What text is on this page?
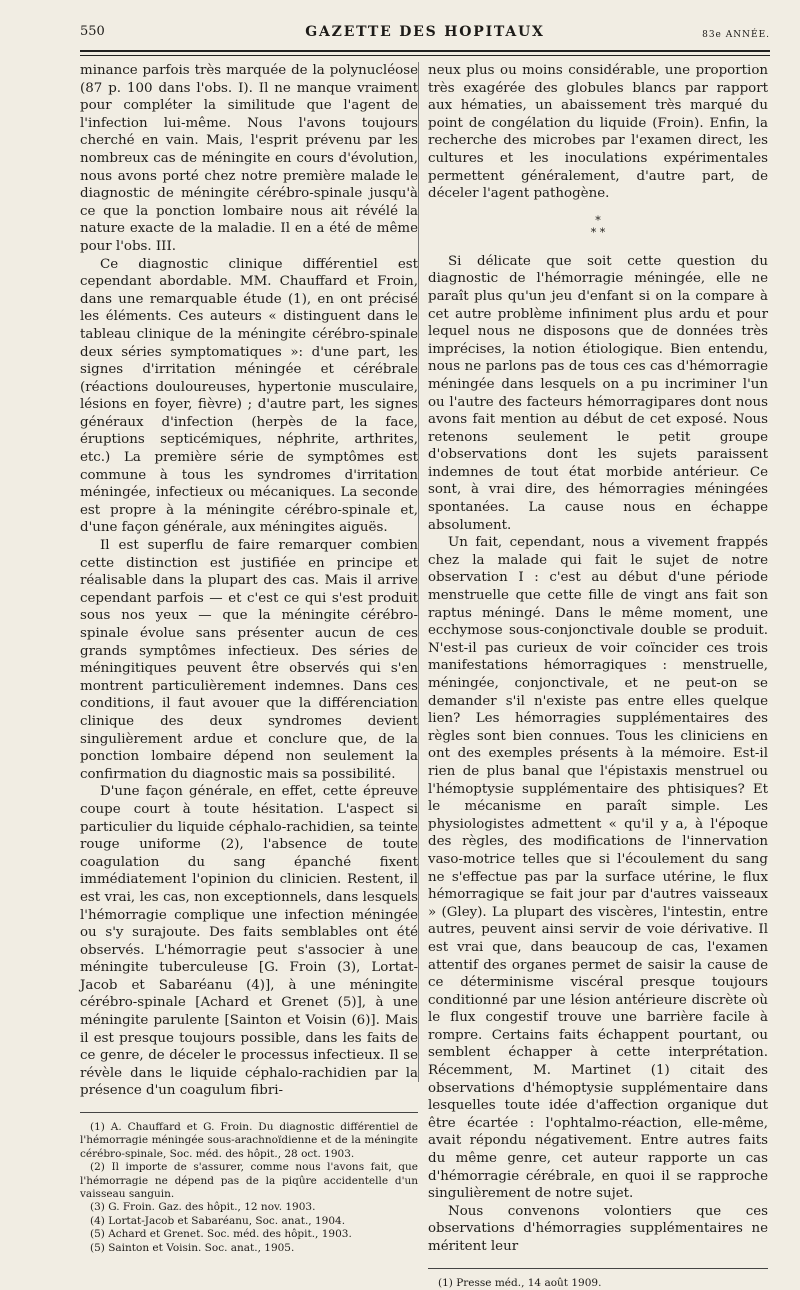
550	GAZETTE DES HOPITAUX	83e ANNÉE.

minance parfois très marquée de la polynucléose (87 p. 100 dans l'obs. I). Il ne manque vraiment pour compléter la similitude que l'agent de l'infection lui-même. Nous l'avons toujours cherché en vain. Mais, l'esprit prévenu par les nombreux cas de méningite en cours d'évolution, nous avons porté chez notre première malade le diagnostic de méningite cérébro-spinale jusqu'à ce que la ponction lombaire nous ait révélé la nature exacte de la maladie. Il en a été de même pour l'obs. III.

Ce diagnostic clinique différentiel est cependant abordable. MM. Chauffard et Froin, dans une remarquable étude (1), en ont précisé les éléments. Ces auteurs « distinguent dans le tableau clinique de la méningite cérébro-spinale deux séries symptomatiques »: d'une part, les signes d'irritation méningée et cérébrale (réactions douloureuses, hypertonie musculaire, lésions en foyer, fièvre) ; d'autre part, les signes généraux d'infection (herpès de la face, éruptions septicémiques, néphrite, arthrites, etc.) La première série de symptômes est commune à tous les syndromes d'irritation méningée, infectieux ou mécaniques. La seconde est propre à la méningite cérébro-spinale et, d'une façon générale, aux méningites aiguës.

Il est superflu de faire remarquer combien cette distinction est justifiée en principe et réalisable dans la plupart des cas. Mais il arrive cependant parfois — et c'est ce qui s'est produit sous nos yeux — que la méningite cérébro-spinale évolue sans présenter aucun de ces grands symptômes infectieux. Des séries de méningitiques peuvent être observés qui s'en montrent particulièrement indemnes. Dans ces conditions, il faut avouer que la différenciation clinique des deux syndromes devient singulièrement ardue et conclure que, de la ponction lombaire dépend non seulement la confirmation du diagnostic mais sa possibilité.

D'une façon générale, en effet, cette épreuve coupe court à toute hésitation. L'aspect si particulier du liquide céphalo-rachidien, sa teinte rouge uniforme (2), l'absence de toute coagulation du sang épanché fixent immédiatement l'opinion du clinicien. Restent, il est vrai, les cas, non exceptionnels, dans lesquels l'hémorragie complique une infection méningée ou s'y surajoute. Des faits semblables ont été observés. L'hémorragie peut s'associer à une méningite tuberculeuse [G. Froin (3), Lortat-Jacob et Sabaréanu (4)], à une méningite cérébro-spinale [Achard et Grenet (5)], à une méningite parulente [Sainton et Voisin (6)]. Mais il est presque toujours possible, dans les faits de ce genre, de déceler le processus infectieux. Il se révèle dans le liquide céphalo-rachidien par la présence d'un coagulum fibri-

(1) A. Chauffard et G. Froin. Du diagnostic différentiel de l'hémorragie méningée sous-arachnoïdienne et de la méningite cérébro-spinale, Soc. méd. des hôpit., 28 oct. 1903.
(2) Il importe de s'assurer, comme nous l'avons fait, que l'hémorragie ne dépend pas de la piqûre accidentelle d'un vaisseau sanguin.
(3) G. Froin. Gaz. des hôpit., 12 nov. 1903.
(4) Lortat-Jacob et Sabaréanu, Soc. anat., 1904.
(5) Achard et Grenet. Soc. méd. des hôpit., 1903.
(5) Sainton et Voisin. Soc. anat., 1905.

neux plus ou moins considérable, une proportion très exagérée des globules blancs par rapport aux hématies, un abaissement très marqué du point de congélation du liquide (Froin). Enfin, la recherche des microbes par l'examen direct, les cultures et les inoculations expérimentales permettent généralement, d'autre part, de déceler l'agent pathogène.

*
* *

Si délicate que soit cette question du diagnostic de l'hémorragie méningée, elle ne paraît plus qu'un jeu d'enfant si on la compare à cet autre problème infiniment plus ardu et pour lequel nous ne disposons que de données très imprécises, la notion étiologique. Bien entendu, nous ne parlons pas de tous ces cas d'hémorragie méningée dans lesquels on a pu incriminer l'un ou l'autre des facteurs hémorragipares dont nous avons fait mention au début de cet exposé. Nous retenons seulement le petit groupe d'observations dont les sujets paraissent indemnes de tout état morbide antérieur. Ce sont, à vrai dire, des hémorragies méningées spontanées. La cause nous en échappe absolument.

Un fait, cependant, nous a vivement frappés chez la malade qui fait le sujet de notre observation I : c'est au début d'une période menstruelle que cette fille de vingt ans fait son raptus méningé. Dans le même moment, une ecchymose sous-conjonctivale double se produit. N'est-il pas curieux de voir coïncider ces trois manifestations hémorragiques : menstruelle, méningée, conjonctivale, et ne peut-on se demander s'il n'existe pas entre elles quelque lien? Les hémorragies supplémentaires des règles sont bien connues. Tous les cliniciens en ont des exemples présents à la mémoire. Est-il rien de plus banal que l'épistaxis menstruel ou l'hémoptysie supplémentaire des phtisiques? Et le mécanisme en paraît simple. Les physiologistes admettent « qu'il y a, à l'époque des règles, des modifications de l'innervation vaso-motrice telles que si l'écoulement du sang ne s'effectue pas par la surface utérine, le flux hémorragique se fait jour par d'autres vaisseaux » (Gley). La plupart des viscères, l'intestin, entre autres, peuvent ainsi servir de voie dérivative. Il est vrai que, dans beaucoup de cas, l'examen attentif des organes permet de saisir la cause de ce déterminisme viscéral presque toujours conditionné par une lésion antérieure discrète où le flux congestif trouve une barrière facile à rompre. Certains faits échappent pourtant, ou semblent échapper à cette interprétation. Récemment, M. Martinet (1) citait des observations d'hémoptysie supplémentaire dans lesquelles toute idée d'affection organique dut être écartée : l'ophtalmo-réaction, elle-même, avait répondu négativement. Entre autres faits du même genre, cet auteur rapporte un cas d'hémorragie cérébrale, en quoi il se rapproche singulièrement de notre sujet.

Nous convenons volontiers que ces observations d'hémorragies supplémentaires ne méritent leur

(1) Presse méd., 14 août 1909.
